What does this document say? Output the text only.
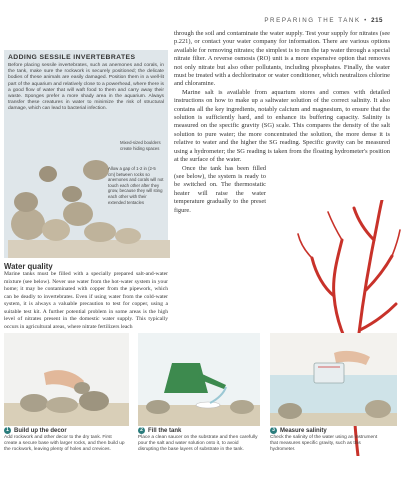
PREPARING THE TANK • 215

through the soil and contaminate the water supply. Test your supply for nitrates (see p.221), or contact your water company for information. There are various options available for removing nitrates; the simplest is to run the tap water through a special nitrate filter. A reverse osmosis (RO) unit is a more expensive option that removes not only nitrate but also other pollutants, including phosphates. Finally, the water must be treated with a dechlorinator or water conditioner, which neutralizes chlorine and chloramine.

Marine salt is available from aquarium stores and comes with detailed instructions on how to make up a saltwater solution of the correct salinity. It also contains all the key ingredients, notably calcium and magnesium, to ensure that the solution is sufficiently hard, and to enhance its buffering capacity. Salinity is measured on the specific gravity (SG) scale. This compares the density of the salt solution to pure water; the more concentrated the solution, the more dense it is relative to water and the higher the SG reading. Specific gravity can be measured using a hydrometer; the SG reading is taken from the floating hydrometer's position at the surface of the water.

Once the tank has been filled (see below), the system is ready to be switched on. The thermostatic heater will raise the water temperature gradually to the preset figure.

ADDING SESSILE INVERTEBRATES
Before placing sessile invertebrates, such as anemones and corals, in the tank, make sure the rockwork is securely positioned; the delicate bodies of these animals are easily damaged. Position them in a well-lit part of the aquarium and relatively close to a powerhead, where there is a good flow of water that will waft food to them and carry away their waste. Sponges prefer a more shady area in the aquarium. Always transfer these creatures in water to minimize the risk of structural damage, which can lead to bacterial infection.
Mixed-sized boulders create hiding spaces
Allow a gap of 1-2 in (2-5 cm) between rocks so anemones and corals will not touch each other after they grow, because they will sting each other with their extended tentacles
Water quality
Marine tanks must be filled with a specially prepared salt-and-water mixture (see below). Never use water from the hot-water system in your home; it may be contaminated with copper from the pipework, which can be deadly to invertebrates. Even if using water from the cold-water system, it is always a valuable precaution to test for copper, using a suitable test kit. A further potential problem in some areas is the high level of nitrates present in the domestic water supply. This typically occurs in agricultural areas, where nitrate fertilizers leach
1 Build up the decor
Add rockwork and other decor to the dry tank. First create a secure base with larger rocks, and then build up the rockwork, leaving plenty of holes and crevices.
2 Fill the tank
Place a clean saucer on the substrate and then carefully pour the salt and water solution onto it, to avoid disrupting the base layers of substrate in the tank.
3 Measure salinity
Check the salinity of the water using an instrument that measures specific gravity, such as this hydrometer.
